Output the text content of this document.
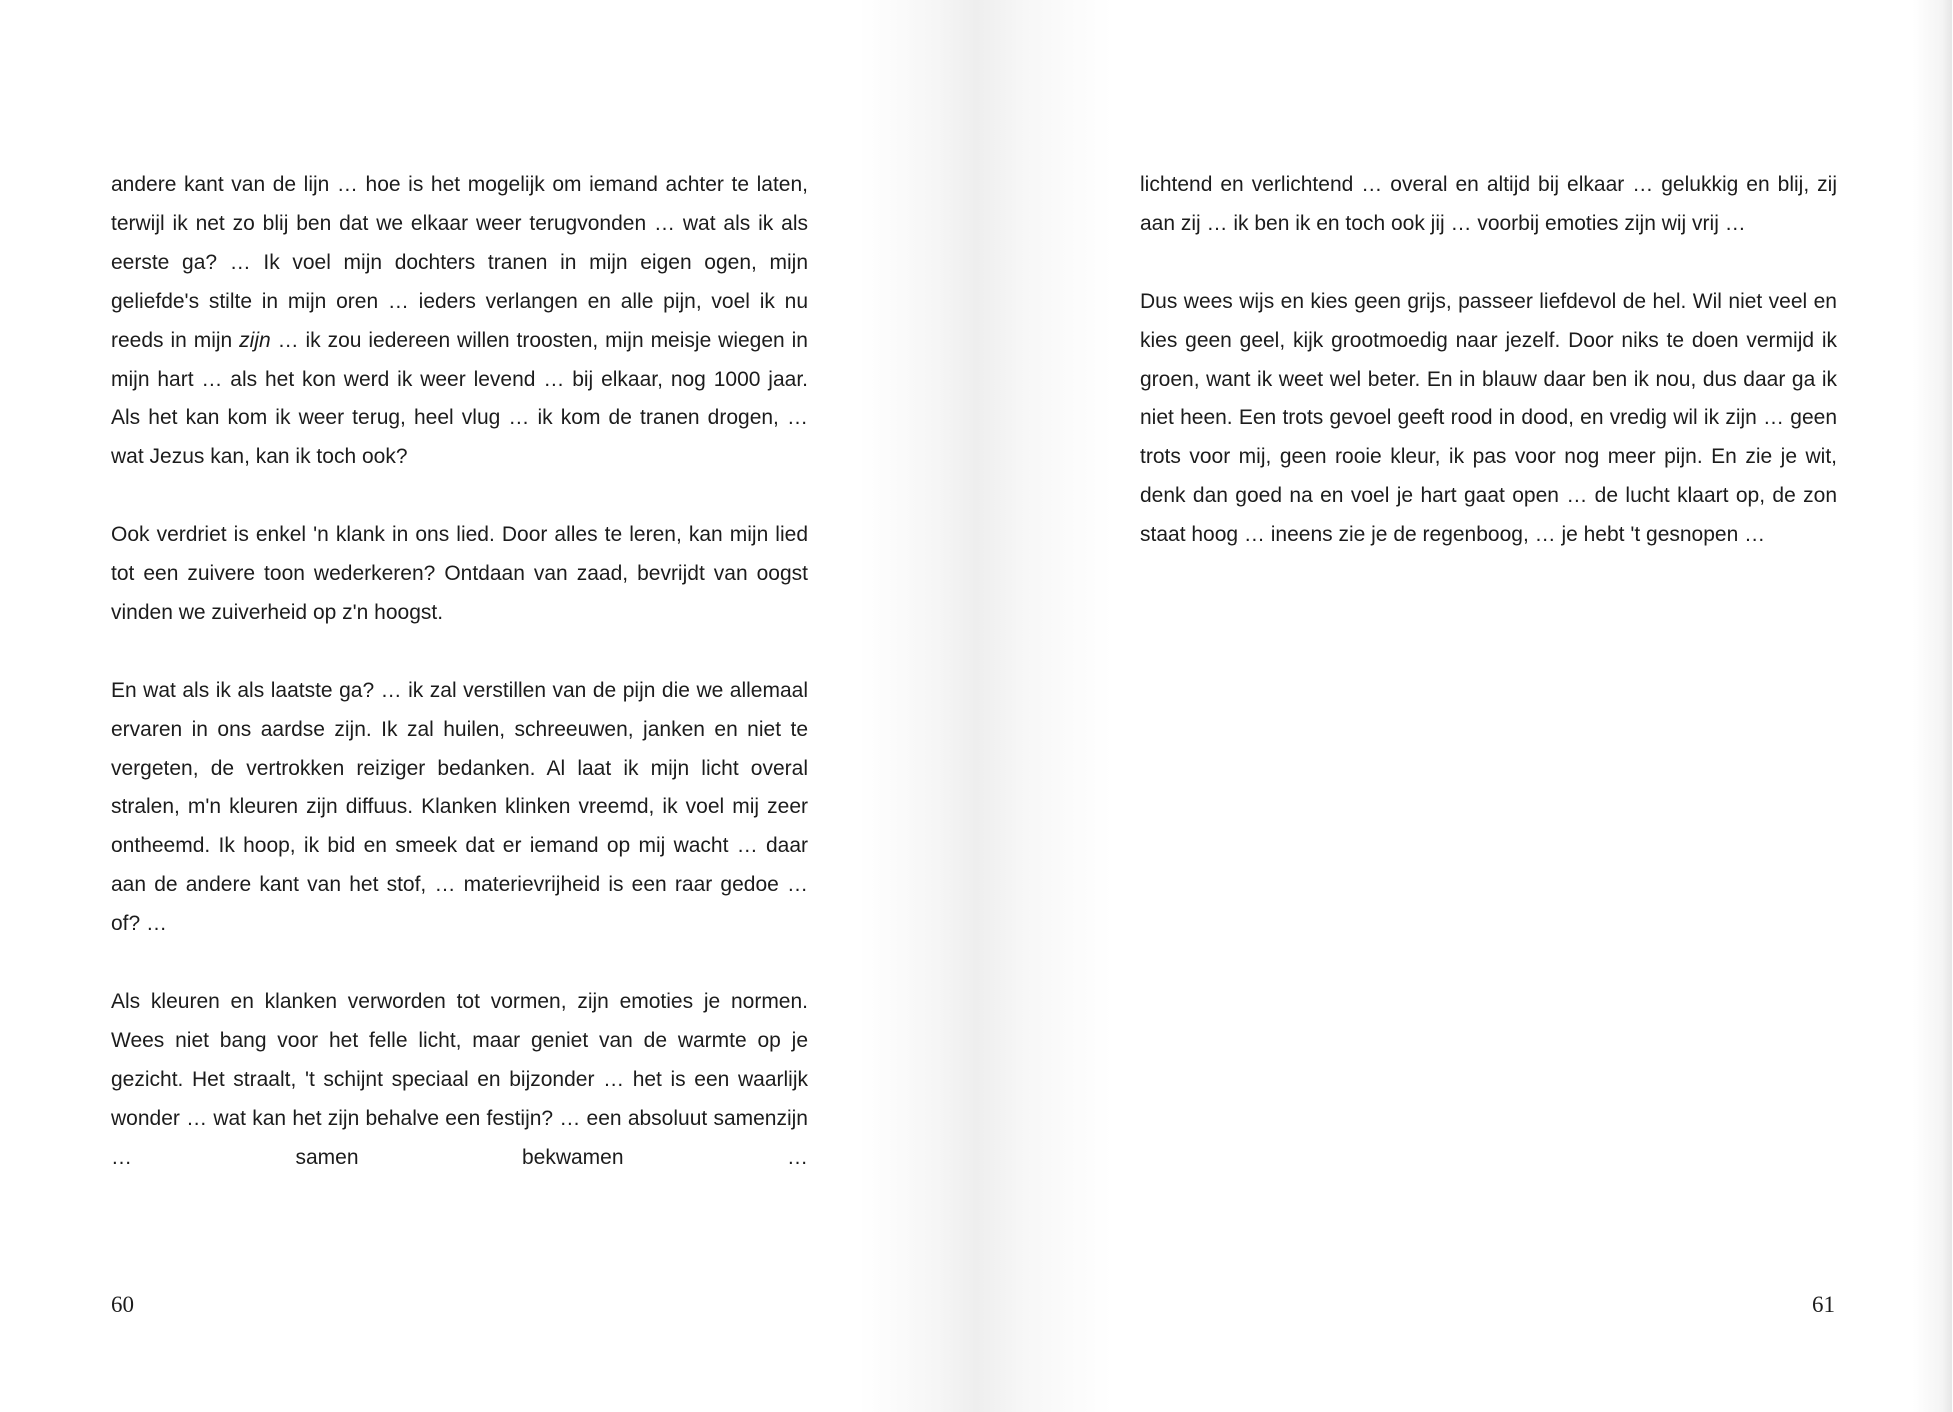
andere kant van de lijn … hoe is het mogelijk om iemand achter te laten, terwijl ik net zo blij ben dat we elkaar weer terugvonden … wat als ik als eerste ga? … Ik voel mijn dochters tranen in mijn eigen ogen, mijn geliefde's stilte in mijn oren … ieders verlangen en alle pijn, voel ik nu reeds in mijn zijn … ik zou iedereen willen troosten, mijn meisje wiegen in mijn hart … als het kon werd ik weer levend … bij elkaar, nog 1000 jaar. Als het kan kom ik weer terug, heel vlug … ik kom de tranen drogen, … wat Jezus kan, kan ik toch ook?

Ook verdriet is enkel 'n klank in ons lied. Door alles te leren, kan mijn lied tot een zuivere toon wederkeren? Ontdaan van zaad, bevrijdt van oogst vinden we zuiverheid op z'n hoogst.

En wat als ik als laatste ga? … ik zal verstillen van de pijn die we allemaal ervaren in ons aardse zijn. Ik zal huilen, schreeuwen, janken en niet te vergeten, de vertrokken reiziger bedanken. Al laat ik mijn licht overal stralen, m'n kleuren zijn diffuus. Klanken klinken vreemd, ik voel mij zeer ontheemd. Ik hoop, ik bid en smeek dat er iemand op mij wacht … daar aan de andere kant van het stof, … materievrijheid is een raar gedoe … of? …

Als kleuren en klanken verworden tot vormen, zijn emoties je normen. Wees niet bang voor het felle licht, maar geniet van de warmte op je gezicht. Het straalt, 't schijnt speciaal en bijzonder … het is een waarlijk wonder … wat kan het zijn behalve een festijn? … een absoluut samenzijn … samen bekwamen …

60

lichtend en verlichtend … overal en altijd bij elkaar … gelukkig en blij, zij aan zij … ik ben ik en toch ook jij … voorbij emoties zijn wij vrij …

Dus wees wijs en kies geen grijs, passeer liefdevol de hel. Wil niet veel en kies geen geel, kijk grootmoedig naar jezelf. Door niks te doen vermijd ik groen, want ik weet wel beter. En in blauw daar ben ik nou, dus daar ga ik niet heen. Een trots gevoel geeft rood in dood, en vredig wil ik zijn … geen trots voor mij, geen rooie kleur, ik pas voor nog meer pijn. En zie je wit, denk dan goed na en voel je hart gaat open … de lucht klaart op, de zon staat hoog … ineens zie je de regenboog, … je hebt 't gesnopen …

61
